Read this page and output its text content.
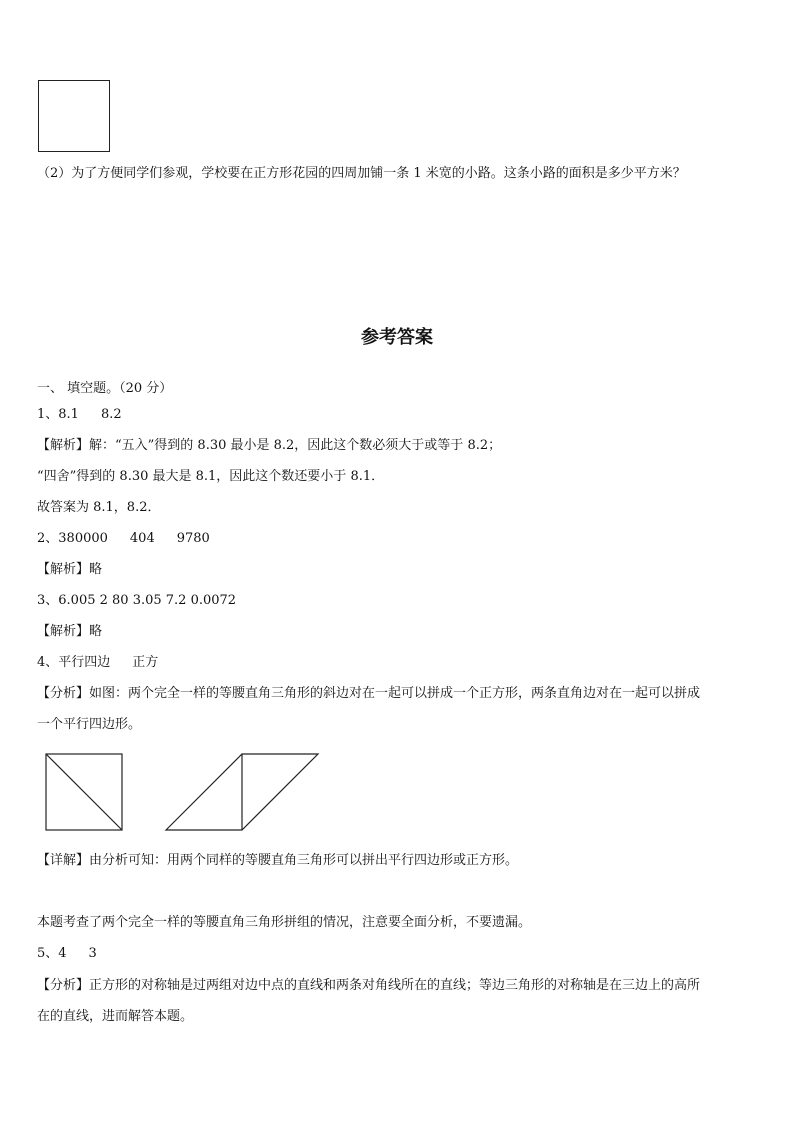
（2）为了方便同学们参观，学校要在正方形花园的四周加铺一条 1 米宽的小路。这条小路的面积是多少平方米？
参考答案
一、 填空题。（20 分）
1、8.1 8.2
【解析】解：“五入”得到的 8.30 最小是 8.2，因此这个数必须大于或等于 8.2；
“四舍”得到的 8.30 最大是 8.1，因此这个数还要小于 8.1．
故答案为 8.1，8.2．
2、380000 404 9780
【解析】略
3、6.005 2 80 3.05 7.2 0.0072
【解析】略
4、平行四边 正方
【分析】如图：两个完全一样的等腰直角三角形的斜边对在一起可以拼成一个正方形，两条直角边对在一起可以拼成
一个平行四边形。
【详解】由分析可知：用两个同样的等腰直角三角形可以拼出平行四边形或正方形。
本题考查了两个完全一样的等腰直角三角形拼组的情况，注意要全面分析，不要遗漏。
5、4 3
【分析】正方形的对称轴是过两组对边中点的直线和两条对角线所在的直线；等边三角形的对称轴是在三边上的高所
在的直线，进而解答本题。
